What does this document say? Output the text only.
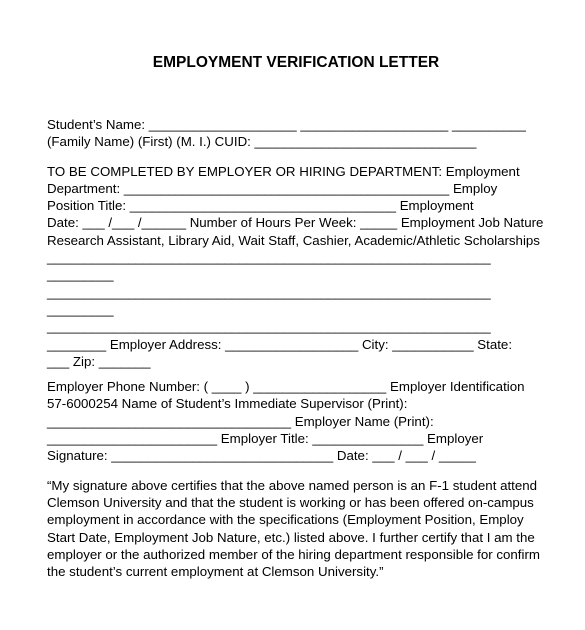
EMPLOYMENT VERIFICATION LETTER
Student’s Name: ____________________ ____________________ __________
(Family Name) (First) (M. I.) CUID: ______________________________
TO BE COMPLETED BY EMPLOYER OR HIRING DEPARTMENT: Employment
Department: ____________________________________________ Employ
Position Title: ____________________________________ Employment
Date: ___ /___ /______ Number of Hours Per Week: _____ Employment Job Nature
Research Assistant, Library Aid, Wait Staff, Cashier, Academic/Athletic Scholarships
____________________________________________________________
_________
____________________________________________________________
_________
____________________________________________________________
________ Employer Address: __________________ City: ___________ State:
___ Zip: _______
Employer Phone Number: ( ____ ) __________________ Employer Identification
57-6000254 Name of Student’s Immediate Supervisor (Print):
_________________________________ Employer Name (Print):
_______________________ Employer Title: _______________ Employer
Signature: ______________________________ Date: ___ / ___ / _____
“My signature above certifies that the above named person is an F-1 student attend
Clemson University and that the student is working or has been offered on-campus
employment in accordance with the specifications (Employment Position, Employ
Start Date, Employment Job Nature, etc.) listed above. I further certify that I am the
employer or the authorized member of the hiring department responsible for confirm
the student’s current employment at Clemson University.”
